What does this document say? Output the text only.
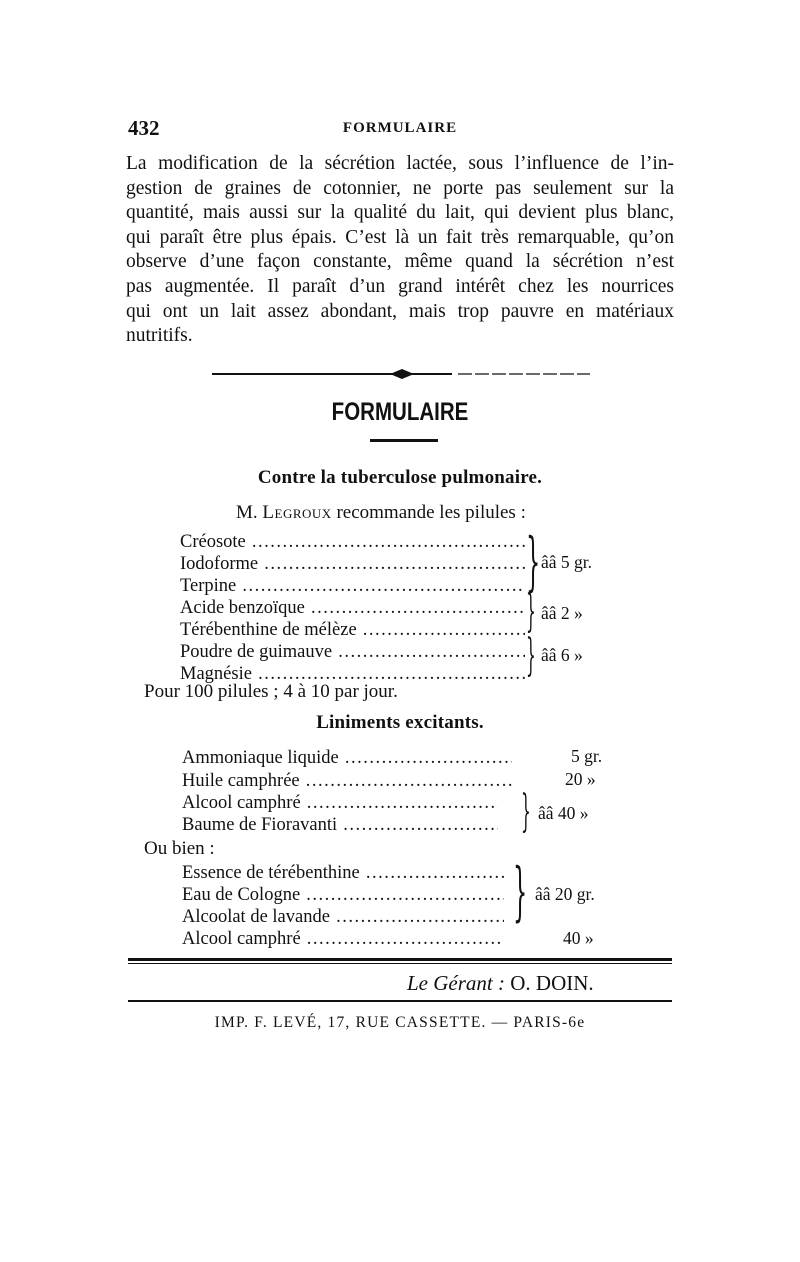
432	FORMULAIRE
La modification de la sécrétion lactée, sous l’influence de l’in-
gestion de graines de cotonnier, ne porte pas seulement sur la
quantité, mais aussi sur la qualité du lait, qui devient plus blanc,
qui paraît être plus épais. C’est là un fait très remarquable, qu’on
observe d’une façon constante, même quand la sécrétion n’est
pas augmentée. Il paraît d’un grand intérêt chez les nourrices
qui ont un lait assez abondant, mais trop pauvre en matériaux
nutritifs.
FORMULAIRE
Contre la tuberculose pulmonaire.
M. Legroux recommande les pilules :
Créosote .....
Iodoforme .....
Terpine .....
Acide benzoïque .....
Térébenthine de mélèze .....
Poudre de guimauve .....
Magnésie .....
}
}
}
ââ 5 gr.
ââ 2 »
ââ 6 »
Pour 100 pilules ; 4 à 10 par jour.
Liniments excitants.
Ammoniaque liquide .....
Huile camphrée .....
Alcool camphré .....
Baume de Fioravanti .....
5 gr.
20 »
} ââ 40 »
Ou bien :
Essence de térébenthine .....
Eau de Cologne .....
Alcoolat de lavande .....
Alcool camphré .....
} ââ 20 gr.
40 »
Le Gérant : O. DOIN.
IMP. F. LEVÉ, 17, RUE CASSETTE. — PARIS-6e
